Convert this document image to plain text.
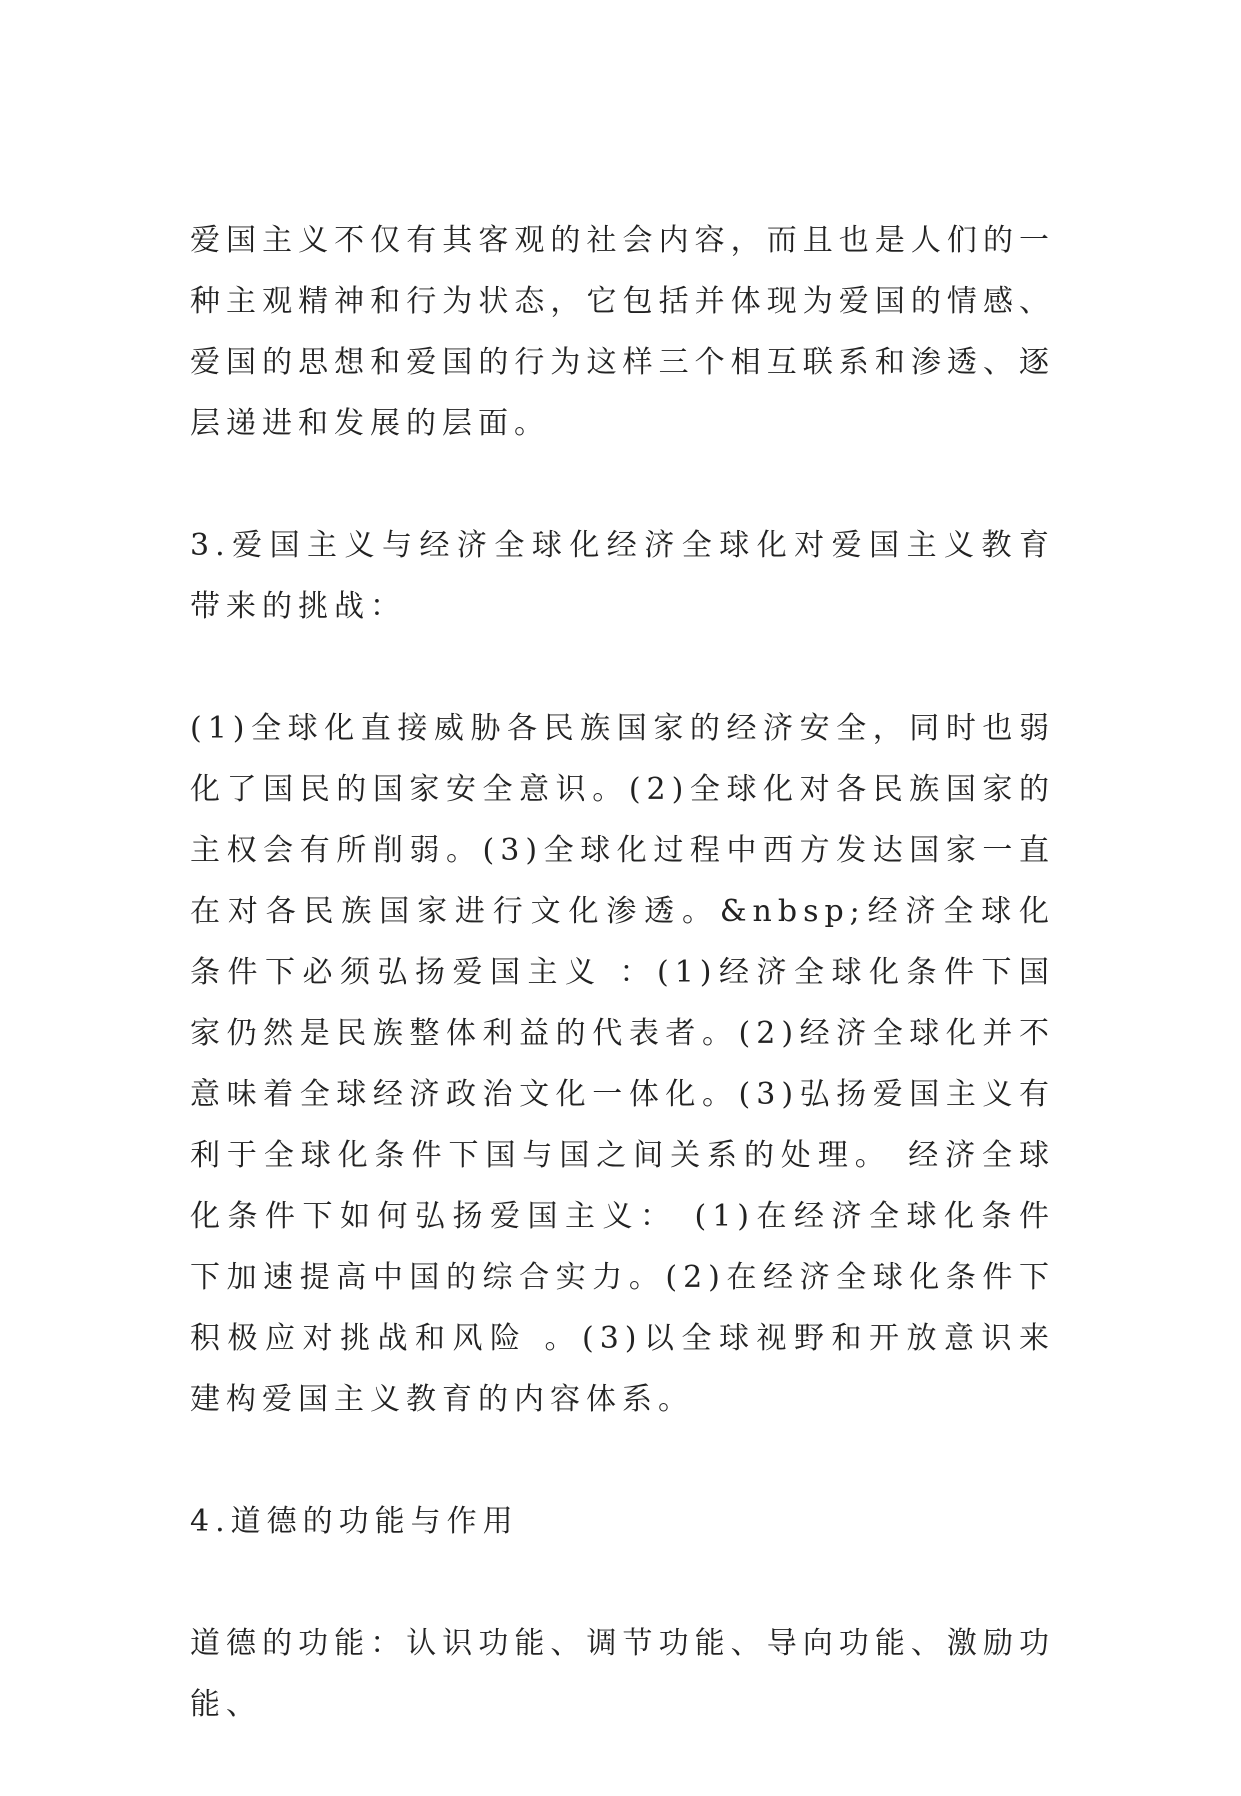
爱国主义不仅有其客观的社会内容，而且也是人们的一种主观精神和行为状态，它包括并体现为爱国的情感、爱国的思想和爱国的行为这样三个相互联系和渗透、逐层递进和发展的层面。

3.爱国主义与经济全球化经济全球化对爱国主义教育带来的挑战：

(1)全球化直接威胁各民族国家的经济安全，同时也弱化了国民的国家安全意识。(2)全球化对各民族国家的主权会有所削弱。(3)全球化过程中西方发达国家一直在对各民族国家进行文化渗透。&nbsp;经济全球化条件下必须弘扬爱国主义 ：(1)经济全球化条件下国家仍然是民族整体利益的代表者。(2)经济全球化并不意味着全球经济政治文化一体化。(3)弘扬爱国主义有利于全球化条件下国与国之间关系的处理。 经济全球化条件下如何弘扬爱国主义： (1)在经济全球化条件下加速提高中国的综合实力。(2)在经济全球化条件下积极应对挑战和风险 。(3)以全球视野和开放意识来建构爱国主义教育的内容体系。

4.道德的功能与作用

道德的功能：认识功能、调节功能、导向功能、激励功能、
